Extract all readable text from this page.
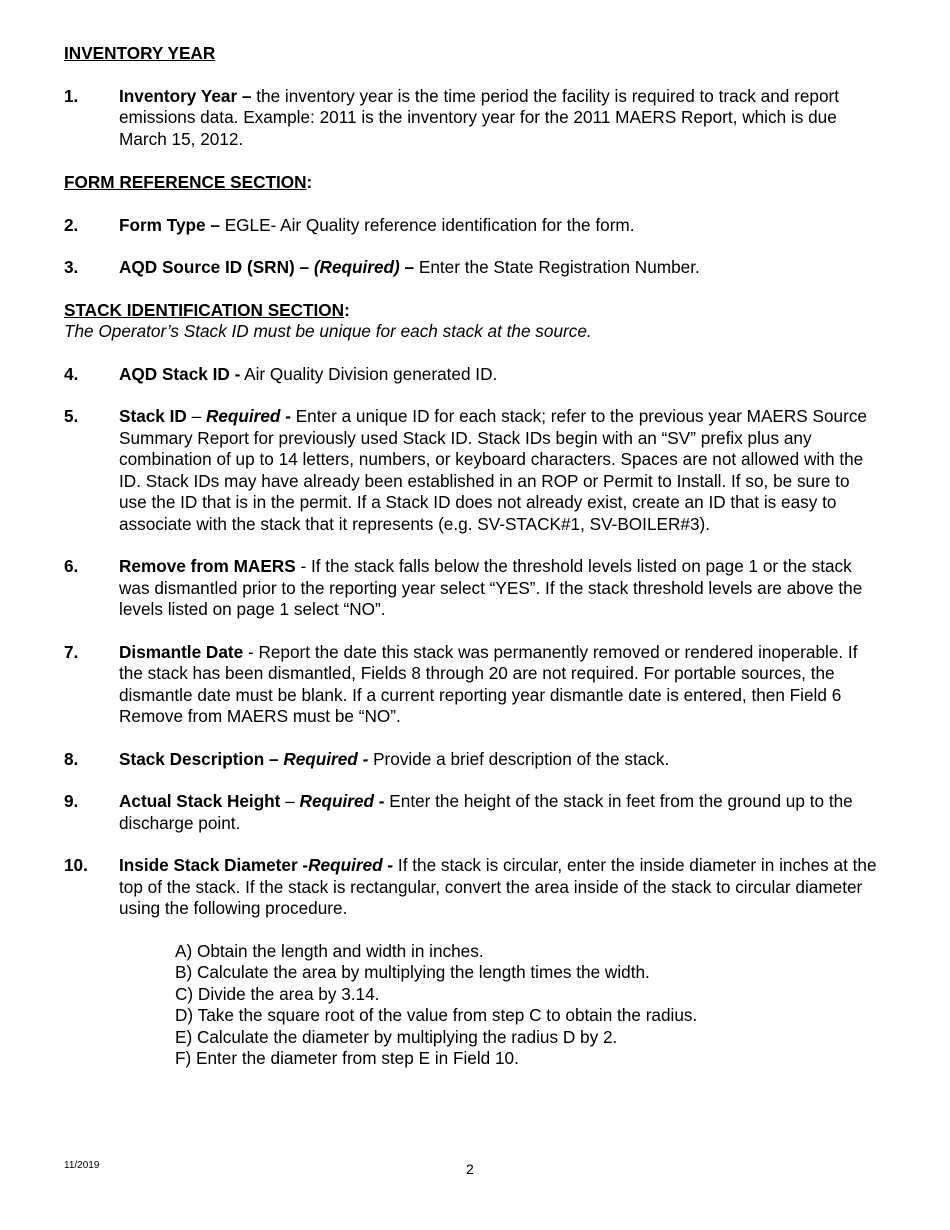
INVENTORY YEAR

1.	Inventory Year – the inventory year is the time period the facility is required to track and report emissions data. Example: 2011 is the inventory year for the 2011 MAERS Report, which is due March 15, 2012.

FORM REFERENCE SECTION:

2.	Form Type – EGLE- Air Quality reference identification for the form.
3.	AQD Source ID (SRN) – (Required) – Enter the State Registration Number.

STACK IDENTIFICATION SECTION:

The Operator’s Stack ID must be unique for each stack at the source.

4.	AQD Stack ID - Air Quality Division generated ID.
5.	Stack ID – Required - Enter a unique ID for each stack; refer to the previous year MAERS Source Summary Report for previously used Stack ID. Stack IDs begin with an “SV” prefix plus any combination of up to 14 letters, numbers, or keyboard characters. Spaces are not allowed with the ID. Stack IDs may have already been established in an ROP or Permit to Install. If so, be sure to use the ID that is in the permit. If a Stack ID does not already exist, create an ID that is easy to associate with the stack that it represents (e.g. SV-STACK#1, SV-BOILER#3).
6.	Remove from MAERS - If the stack falls below the threshold levels listed on page 1 or the stack was dismantled prior to the reporting year select “YES”. If the stack threshold levels are above the levels listed on page 1 select “NO”.
7.	Dismantle Date - Report the date this stack was permanently removed or rendered inoperable. If the stack has been dismantled, Fields 8 through 20 are not required. For portable sources, the dismantle date must be blank. If a current reporting year dismantle date is entered, then Field 6 Remove from MAERS must be “NO”.
8.	Stack Description – Required - Provide a brief description of the stack.
9.	Actual Stack Height – Required - Enter the height of the stack in feet from the ground up to the discharge point.
10.	Inside Stack Diameter -Required - If the stack is circular, enter the inside diameter in inches at the top of the stack. If the stack is rectangular, convert the area inside of the stack to circular diameter using the following procedure.
A) Obtain the length and width in inches.
B) Calculate the area by multiplying the length times the width.
C) Divide the area by 3.14.
D) Take the square root of the value from step C to obtain the radius.
E) Calculate the diameter by multiplying the radius D by 2.
F) Enter the diameter from step E in Field 10.
11/2019	2
